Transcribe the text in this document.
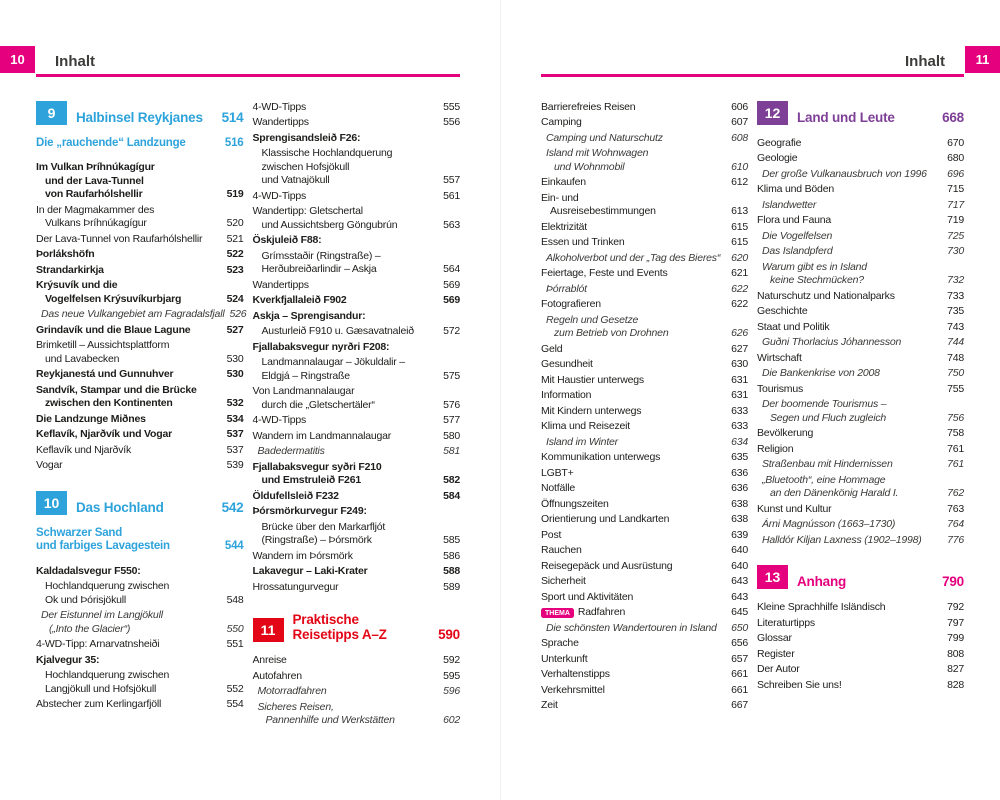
10	Inhalt
9	Halbinsel Reykjanes	514
Die „rauchende“ Landzunge	516
Im Vulkan Þríhnúkagígur
und der Lava-Tunnel
von Raufarhólshellir	519
In der Magmakammer des
Vulkans Þríhnúkagígur	520
Der Lava-Tunnel von Raufarhólshellir	521
Þorlákshöfn	522
Strandarkirkja	523
Krýsuvík und die
Vogelfelsen Krýsuvíkurbjarg	524
Das neue Vulkangebiet am Fagradalsfjall 526
Grindavík und die Blaue Lagune	527
Brimketill – Aussichtsplattform
und Lavabecken	530
Reykjanestá und Gunnuhver	530
Sandvík, Stampar und die Brücke
zwischen den Kontinenten	532
Die Landzunge Miðnes	534
Keflavík, Njarðvík und Vogar	537
Keflavík und Njarðvík	537
Vogar	539
10	Das Hochland	542
Schwarzer Sand
und farbiges Lavagestein	544
Kaldadalsvegur F550:
Hochlandquerung zwischen
Ok und Þórisjökull	548
Der Eistunnel im Langjökull
(„Into the Glacier“)	550
4-WD-Tipp: Arnarvatnsheiði	551
Kjalvegur 35:
Hochlandquerung zwischen
Langjökull und Hofsjökull	552
Abstecher zum Kerlingarfjöll	554
4-WD-Tipps	555
Wandertipps	556
Sprengisandsleið F26:
Klassische Hochlandquerung
zwischen Hofsjökull
und Vatnajökull	557
4-WD-Tipps	561
Wandertipp: Gletschertal
und Aussichtsberg Göngubrún	563
Öskjuleið F88:
Grímsstaðir (Ringstraße) –
Herðubreiðarlindir – Askja	564
Wandertipps	569
Kverkfjallaleið F902	569
Askja – Sprengisandur:
Austurleið F910 u. Gæsavatnaleið	572
Fjallabaksvegur nyrðri F208:
Landmannalaugar – Jökuldalir –
Eldgjá – Ringstraße	575
Von Landmannalaugar
durch die „Gletschertäler“	576
4-WD-Tipps	577
Wandern im Landmannalaugar	580
Badedermatitis	581
Fjallabaksvegur syðri F210
und Emstruleið F261	582
Öldufellsleið F232	584
Þórsmörkurvegur F249:
Brücke über den Markarfljót
(Ringstraße) – Þórsmörk	585
Wandern im Þórsmörk	586
Lakavegur – Laki-Krater	588
Hrossatungurvegur	589
11
Praktische
Reisetipps A–Z	590
Anreise	592
Autofahren	595
Motorradfahren	596
Sicheres Reisen,
Pannenhilfe und Werkstätten	602
11
Inhalt
Barrierefreies Reisen	606
Camping	607
Camping und Naturschutz	608
Island mit Wohnwagen
und Wohnmobil	610
Einkaufen	612
Ein- und
Ausreisebestimmungen	613
Elektrizität	615
Essen und Trinken	615
Alkoholverbot und der „Tag des Bieres“	620
Feiertage, Feste und Events	621
Þórrablót	622
Fotografieren	622
Regeln und Gesetze
zum Betrieb von Drohnen	626
Geld	627
Gesundheit	630
Mit Haustier unterwegs	631
Information	631
Mit Kindern unterwegs	633
Klima und Reisezeit	633
Island im Winter	634
Kommunikation unterwegs	635
LGBT+	636
Notfälle	636
Öffnungszeiten	638
Orientierung und Landkarten	638
Post	639
Rauchen	640
Reisegepäck und Ausrüstung	640
Sicherheit	643
Sport und Aktivitäten	643
THEMA Radfahren	645
Die schönsten Wandertouren in Island	650
Sprache	656
Unterkunft	657
Verhaltenstipps	661
Verkehrsmittel	661
Zeit	667
12	Land und Leute	668
Geografie	670
Geologie	680
Der große Vulkanausbruch von 1996	696
Klima und Böden	715
Islandwetter	717
Flora und Fauna	719
Die Vogelfelsen	725
Das Islandpferd	730
Warum gibt es in Island
keine Stechmücken?	732
Naturschutz und Nationalparks	733
Geschichte	735
Staat und Politik	743
Guðni Thorlacius Jóhannesson	744
Wirtschaft	748
Die Bankenkrise von 2008	750
Tourismus	755
Der boomende Tourismus –
Segen und Fluch zugleich	756
Bevölkerung	758
Religion	761
Straßenbau mit Hindernissen	761
„Bluetooth“, eine Hommage
an den Dänenkönig Harald I.	762
Kunst und Kultur	763
Árni Magnússon (1663–1730)	764
Halldór Kiljan Laxness (1902–1998)	776
13	Anhang	790
Kleine Sprachhilfe Isländisch	792
Literaturtipps	797
Glossar	799
Register	808
Der Autor	827
Schreiben Sie uns!	828
